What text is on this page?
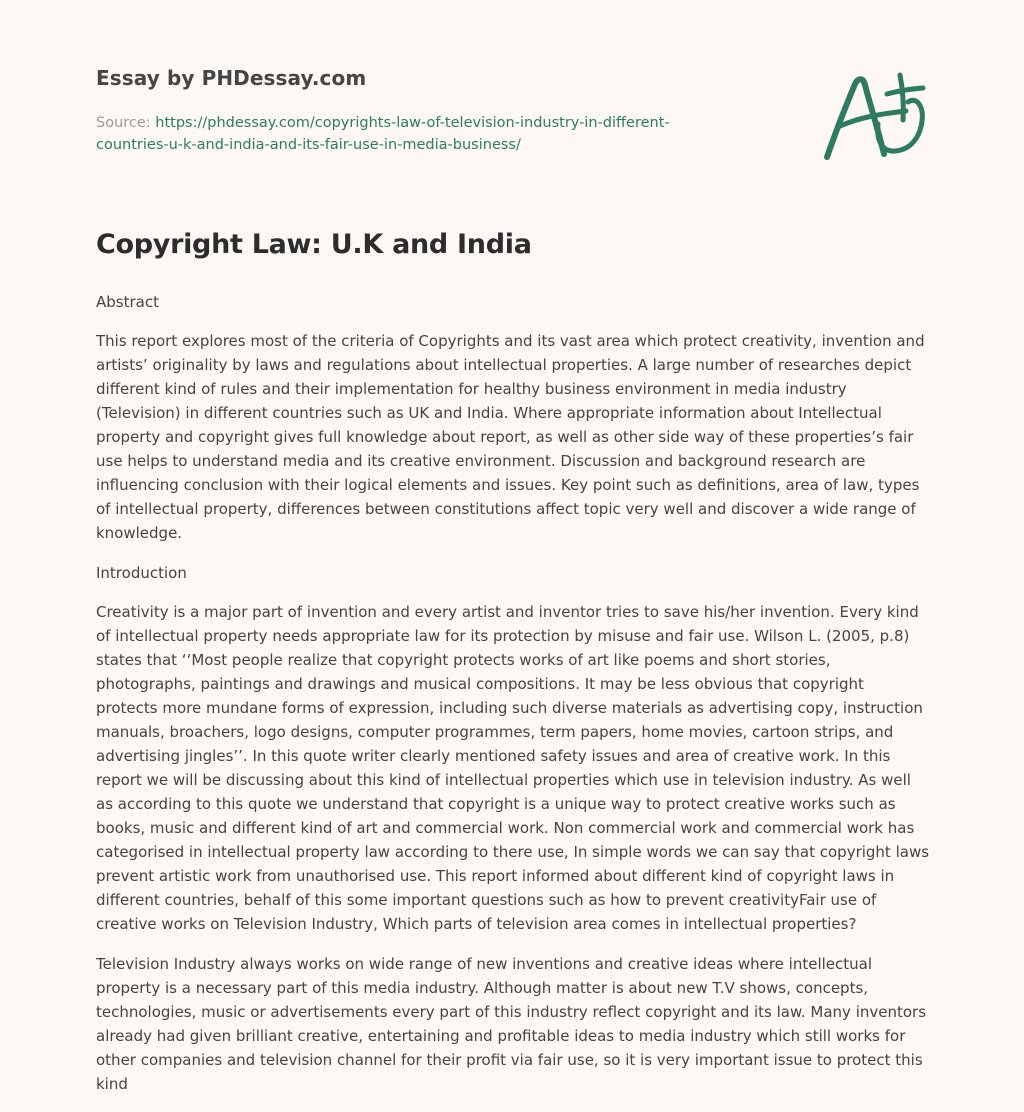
Essay by PHDessay.com
Source: https://phdessay.com/copyrights-law-of-television-industry-in-different-countries-u-k-and-india-and-its-fair-use-in-media-business/
Copyright Law: U.K and India

Abstract

This report explores most of the criteria of Copyrights and its vast area which protect creativity, invention and artists’ originality by laws and regulations about intellectual properties. A large number of researches depict different kind of rules and their implementation for healthy business environment in media industry (Television) in different countries such as UK and India. Where appropriate information about Intellectual property and copyright gives full knowledge about report, as well as other side way of these properties’s fair use helps to understand media and its creative environment. Discussion and background research are influencing conclusion with their logical elements and issues. Key point such as definitions, area of law, types of intellectual property, differences between constitutions affect topic very well and discover a wide range of knowledge.

Introduction

Creativity is a major part of invention and every artist and inventor tries to save his/her invention. Every kind of intellectual property needs appropriate law for its protection by misuse and fair use. Wilson L. (2005, p.8) states that ‘‘Most people realize that copyright protects works of art like poems and short stories, photographs, paintings and drawings and musical compositions. It may be less obvious that copyright protects more mundane forms of expression, including such diverse materials as advertising copy, instruction manuals, broachers, logo designs, computer programmes, term papers, home movies, cartoon strips, and advertising jingles’’. In this quote writer clearly mentioned safety issues and area of creative work. In this report we will be discussing about this kind of intellectual properties which use in television industry. As well as according to this quote we understand that copyright is a unique way to protect creative works such as books, music and different kind of art and commercial work. Non commercial work and commercial work has categorised in intellectual property law according to there use, In simple words we can say that copyright laws prevent artistic work from unauthorised use. This report informed about different kind of copyright laws in different countries, behalf of this some important questions such as how to prevent creativityFair use of creative works on Television Industry, Which parts of television area comes in intellectual properties?

Television Industry always works on wide range of new inventions and creative ideas where intellectual property is a necessary part of this media industry. Although matter is about new T.V shows, concepts, technologies, music or advertisements every part of this industry reflect copyright and its law. Many inventors already had given brilliant creative, entertaining and profitable ideas to media industry which still works for other companies and television channel for their profit via fair use, so it is very important issue to protect this kind
